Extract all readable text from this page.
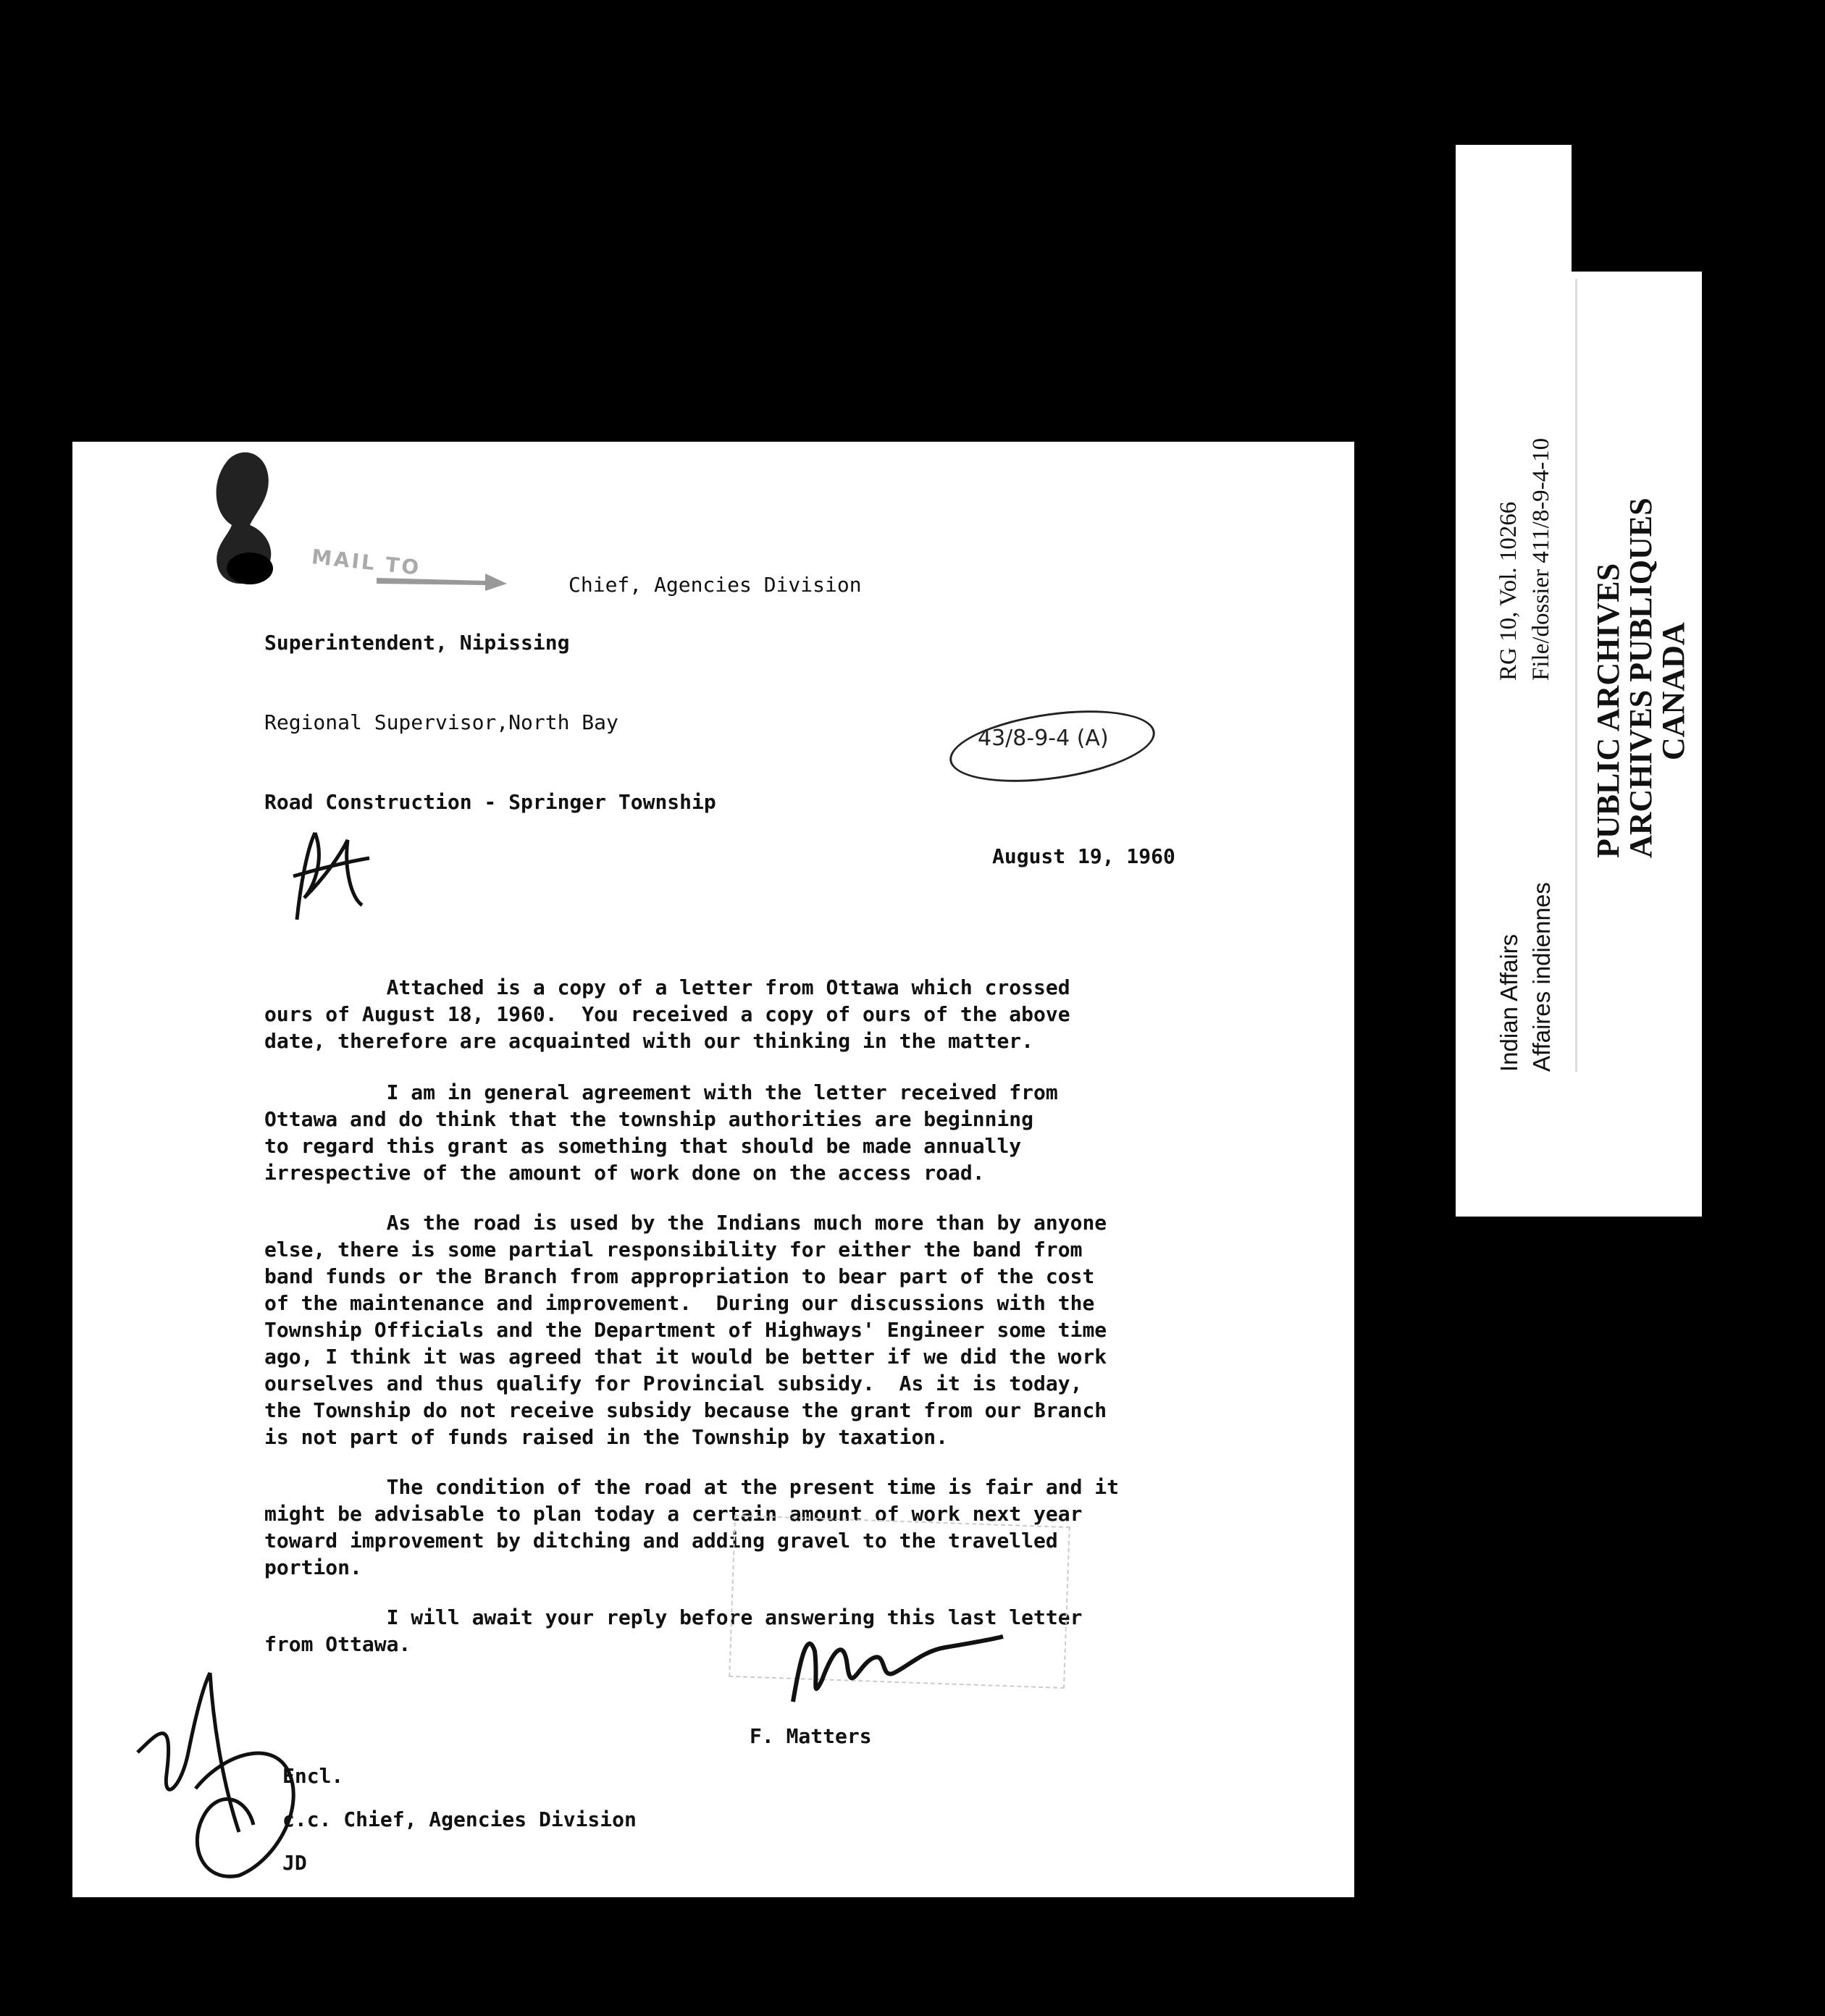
Indian Affairs Affaires indiennes
RG 10, Vol. 10266 File/dossier 411/8-9-4-10
PUBLIC ARCHIVES
ARCHIVES PUBLIQUES
CANADA
MAIL TO
Chief, Agencies Division
Superintendent, Nipissing
Regional Supervisor,North Bay
43/8-9-4 (A)
Road Construction - Springer Township
August 19, 1960
Attached is a copy of a letter from Ottawa which crossed
ours of August 18, 1960.  You received a copy of ours of the above
date, therefore are acquainted with our thinking in the matter.
I am in general agreement with the letter received from
Ottawa and do think that the township authorities are beginning
to regard this grant as something that should be made annually
irrespective of the amount of work done on the access road.
As the road is used by the Indians much more than by anyone
else, there is some partial responsibility for either the band from
band funds or the Branch from appropriation to bear part of the cost
of the maintenance and improvement.  During our discussions with the
Township Officials and the Department of Highways' Engineer some time
ago, I think it was agreed that it would be better if we did the work
ourselves and thus qualify for Provincial subsidy.  As it is today,
the Township do not receive subsidy because the grant from our Branch
is not part of funds raised in the Township by taxation.
The condition of the road at the present time is fair and it
might be advisable to plan today a certain amount of work next year
toward improvement by ditching and adding gravel to the travelled
portion.
I will await your reply before answering this last letter
from Ottawa.
F. Matters
Encl.
c.c. Chief, Agencies Division
JD
